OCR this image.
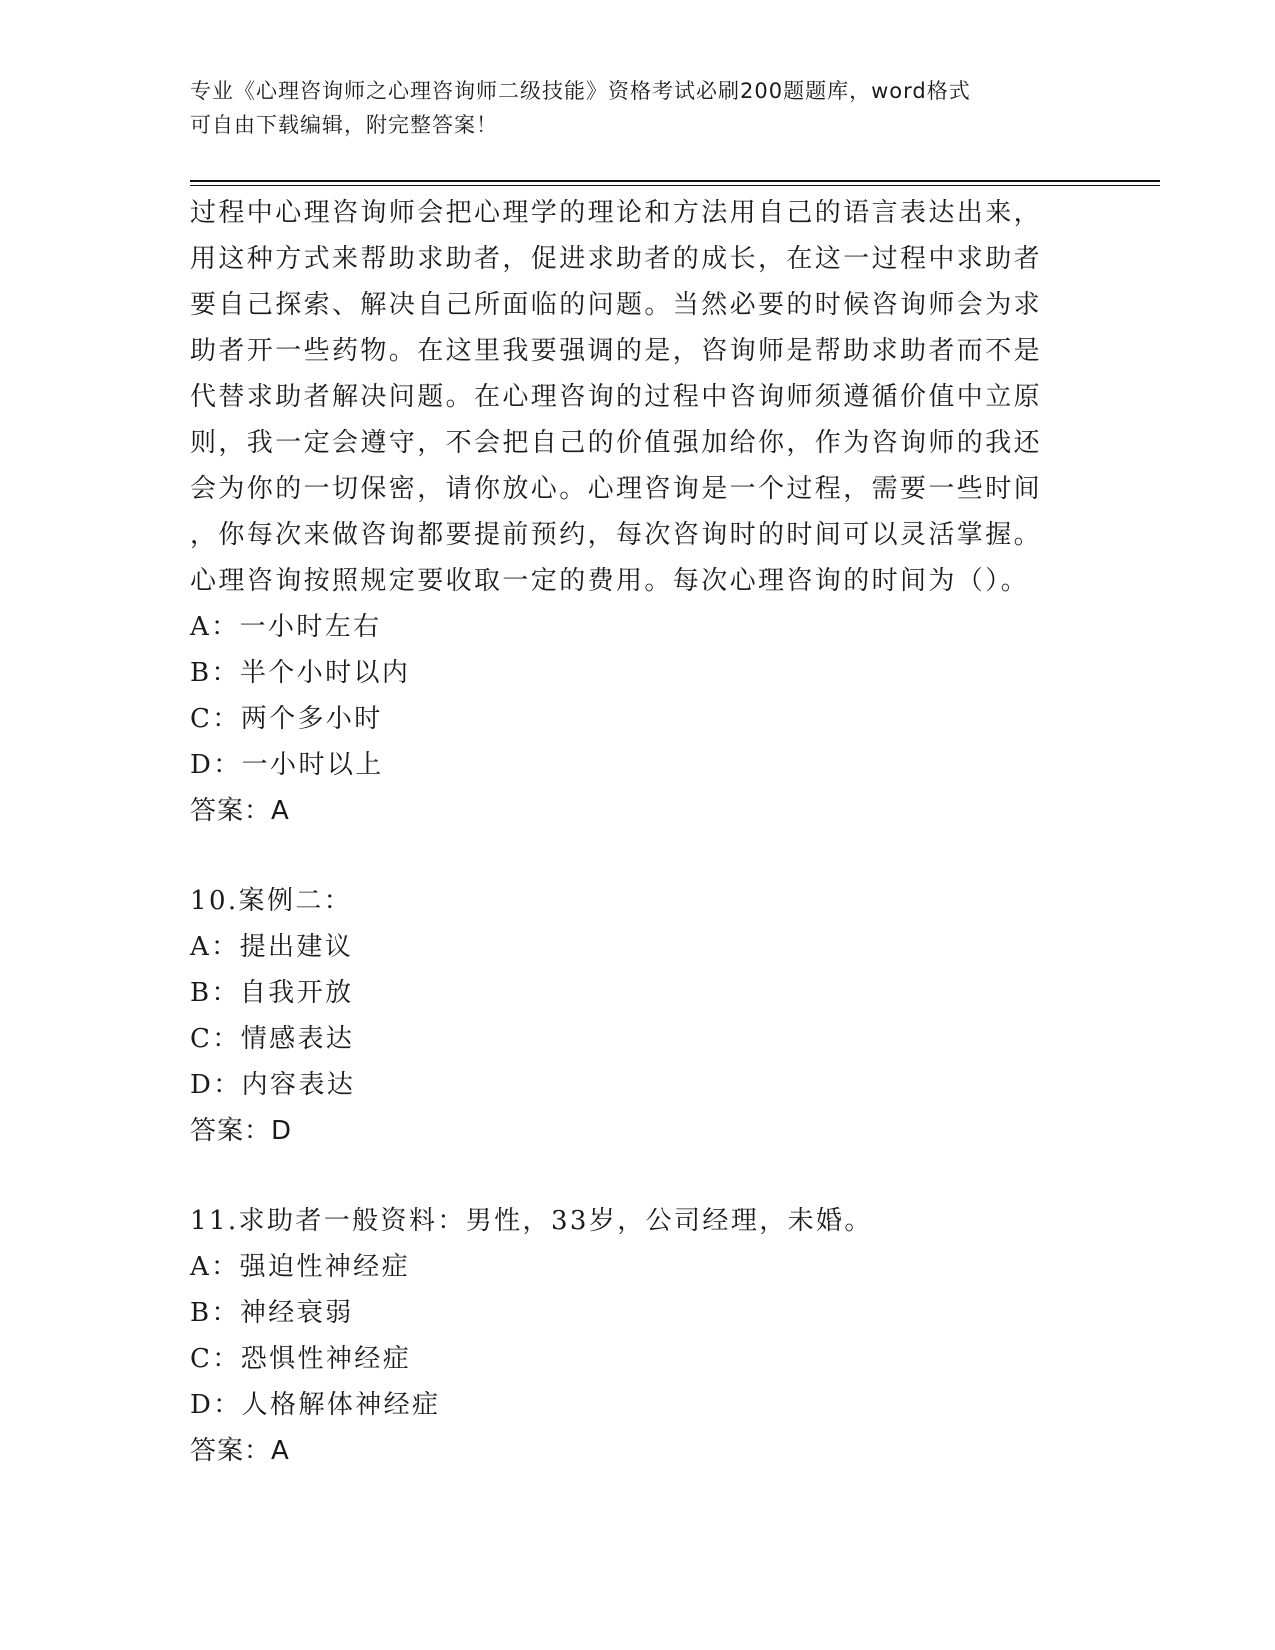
专业《心理咨询师之心理咨询师二级技能》资格考试必刷200题题库，word格式
可自由下载编辑，附完整答案！
过程中心理咨询师会把心理学的理论和方法用自己的语言表达出来，
用这种方式来帮助求助者，促进求助者的成长，在这一过程中求助者
要自己探索、解决自己所面临的问题。当然必要的时候咨询师会为求
助者开一些药物。在这里我要强调的是，咨询师是帮助求助者而不是
代替求助者解决问题。在心理咨询的过程中咨询师须遵循价值中立原
则，我一定会遵守，不会把自己的价值强加给你，作为咨询师的我还
会为你的一切保密，请你放心。心理咨询是一个过程，需要一些时间
，你每次来做咨询都要提前预约，每次咨询时的时间可以灵活掌握。
心理咨询按照规定要收取一定的费用。每次心理咨询的时间为（）。
A：一小时左右
B：半个小时以内
C：两个多小时
D：一小时以上
答案：A
10.案例二：
A：提出建议
B：自我开放
C：情感表达
D：内容表达
答案：D
11.求助者一般资料：男性，33岁，公司经理，未婚。
A：强迫性神经症
B：神经衰弱
C：恐惧性神经症
D：人格解体神经症
答案：A
